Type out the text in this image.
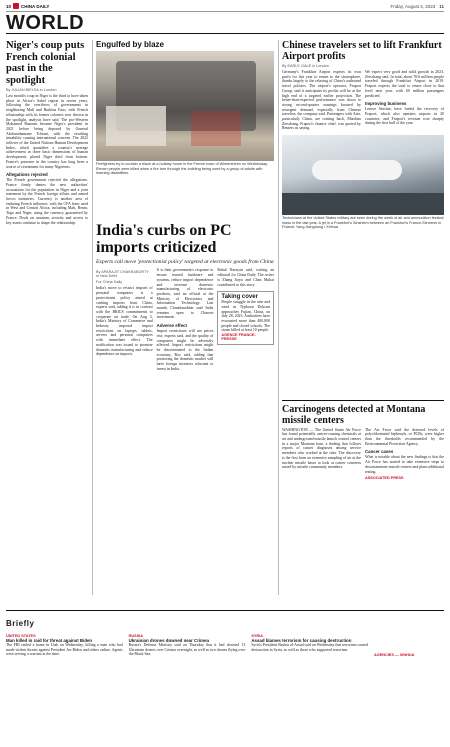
10 CHINA DAILY	Friday, August 4, 2023 11
WORLD
Niger's coup puts French colonial past in the spotlight
By JULIAN BIELSA in London

Last month's coup in Niger is the third to have taken place in Africa's Sahel region in recent years, following the overthrow of governments in neighboring Mali and Burkina Faso, with French relationship with its former colonies now thrown in the spotlight, analysts have said. The pro-Western Mohamed Bazoum became Niger's president in 2021 before being deposed by General Abdourahamane Tchiani, with the resulting instability causing international concern. The 2022 rollover of the United Nations Human Development Index, which quantifies a country's average achievement in three basic dimensions of human development, placed Niger third from bottom. France's presence in the country has long been a source of resentment for many Nigeriens.

Allegations rejected

The French government rejected the allegations. France firmly denies the new authorities' accusations for the population in Niger and a joint statement by the French foreign affairs and armed forces ministries. Currency is another area of enduring French influence, with the CFA franc used in West and Central Africa, including Mali, Benin, Togo and Niger, using the currency guaranteed by France. Deals on uranium, security and access to key assets continue to shape the relationship.

Engulfed by blaze

Firefighters try to contain a blaze at a holiday home in the French town of Wintersheim on Wednesday. Eleven people were killed when a fire tore through the building being used by a group of adults with learning disabilities.

Chinese travelers set to lift Frankfurt Airport profits
By EARLE GALE in London

Germany's Frankfurt Airport expects its own profit for this year to return to the stratosphere, thanks largely to the relaxing of China's outbound travel policies. The airport's operator, Fraport Group, said it anticipates its profits will be at the high end of a targeted earlier projection. The better-than-expected performance was down to strong second-quarter earnings boosted by resurgent demand, especially from Chinese travelers, the company said. Passengers with Asia, particularly China, are coming back, Matthias Zieschang, Fraport's finance chief, was quoted by Reuters as saying.

We expect very good and solid growth in 2023, Zieschang said. In total, about 76.6 million people traveled through Frankfurt Airport in 2019. Fraport expects the total to return close to that level next year, with 60 million passengers predicted.

Improving business

Lenore Sinclair, have fueled the recovery of Fraport, which also operates airports in 20 countries, and Fraport's revenue rose sharply during the first half of the year.

Technicians at the United States military are seen during the week of air and ammunition festival mass in the last year. A jet in a Frankfurt's Sinshiem between an Frankfurt's France-Siemens in Poland. Yang Jiangdong / Xinhua

India's curbs on PC imports criticized
Experts call move 'protectionist policy' targeted at electronic goods from China
By APARAJIT CHAKRABORTY in New Delhi
For China Daily

India's move to restrict imports of personal computers is a protectionist policy aimed at curbing imports from China, experts said, adding it is in contrast with the BRICS commitments to cooperate on trade. On Aug 3, India's Ministry of Commerce and Industry imposed import restrictions on laptops, tablets, servers and personal computers with immediate effect. The notification was issued to promote domestic manufacturing and reduce dependence on imports.

It is their government's response to ensure trusted hardware and systems, reduce import dependence and increase domestic manufacturing of electronic products, said an official at the Ministry of Electronics and Information Technology. Last month, Chandrasekhar said India remains open to Chinese investment.

Adverse effect

Import restrictions will see prices rise, experts said, and the quality of computers might be adversely affected. Import restrictions might be discriminated to the Indian economy, Roy said, adding that protecting the domestic market will have foreign investors reluctant to invest in India.

Rahul Narayan said, writing an editorial for China Daily. The writer is Zhang Jiayu and Chan Mukai contributed to this story.

Taking cover

People struggle in the rain and wind as Typhoon Doksuri approaches Fujian, China, on July 28, 2023. Authorities have evacuated more than 400,000 people and closed schools. The storm killed at least 10 people.

AGENCE FRANCE-PRESSE
Carcinogens detected at Montana missile centers

WASHINGTON — The United States Air Force has found potentially cancer-causing chemicals at air and underground missile launch control centers in a major Montana base, a finding that follows reports of cancer diagnoses among service members who worked at the sites. The discovery is the first from an extensive sampling of air at the nuclear missile bases to look at cancer concerns raised by missile community members.

The Air Force said the detected levels of polychlorinated biphenyls, or PCBs, were higher than the thresholds recommended by the Environmental Protection Agency.

Cancer cases

What is notable about the new findings is that the Air Force has started to take extensive steps to decontaminate missile centers and plans additional testing.

ASSOCIATED PRESS
Briefly
UNITED STATES
Man killed in raid for threat against Biden

The FBI raided a home in Utah on Wednesday, killing a man who had made violent threats against President Joe Biden and others online. Agents were serving a warrant at the time.

RUSSIA
Ukrainian drones downed near Crimea

Russia's Defense Ministry said on Thursday that it had downed 13 Ukrainian drones over Crimea overnight, as well as two drones flying over the Black Sea.

SYRIA
Assad blames terrorism for causing destruction

Syria's President Bashar al-Assad said on Wednesday that terrorism caused destruction in Syria, as well as those who supported terrorism.

AGENCIES — XINHUA
